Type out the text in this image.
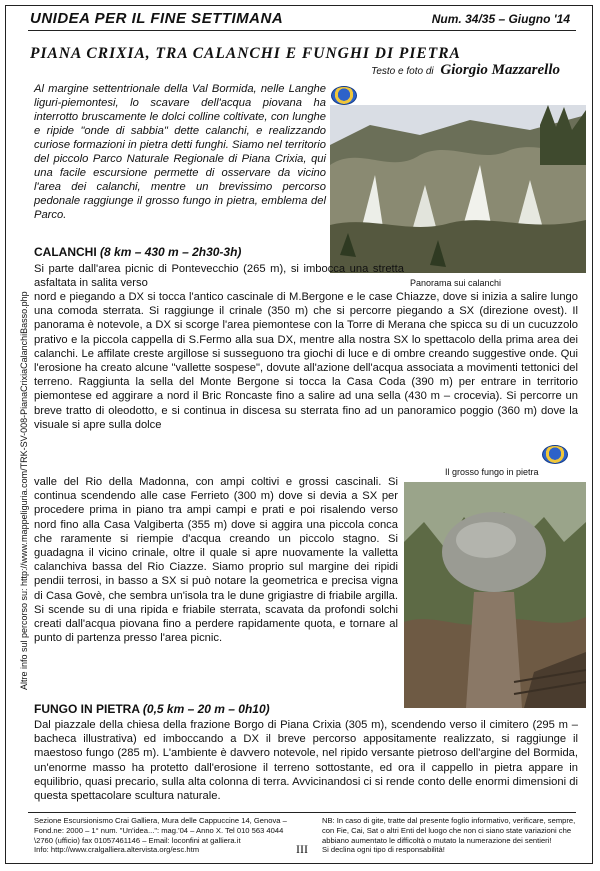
UNIDEA PER IL FINE SETTIMANA	Num. 34/35 – Giugno '14
PIANA CRIXIA, TRA CALANCHI E FUNGHI DI PIETRA
Testo e foto di Giorgio Mazzarello
Al margine settentrionale della Val Bormida, nelle Langhe liguri-piemontesi, lo scavare dell'acqua piovana ha interrotto bruscamente le dolci colline coltivate, con lunghe e ripide "onde di sabbia" dette calanchi, e realizzando curiose formazioni in pietra detti funghi. Siamo nel territorio del piccolo Parco Naturale Regionale di Piana Crixia, qui una facile escursione permette di osservare da vicino l'area dei calanchi, mentre un brevissimo percorso pedonale raggiunge il grosso fungo in pietra, emblema del Parco.
Panorama sui calanchi
CALANCHI (8 km – 430 m – 2h30-3h)
Si parte dall'area picnic di Pontevecchio (265 m), si imbocca una stretta asfaltata in salita verso
nord e piegando a DX si tocca l'antico cascinale di M.Bergone e le case Chiazze, dove si inizia a salire lungo una comoda sterrata. Si raggiunge il crinale (350 m) che si percorre piegando a SX (direzione ovest). Il panorama è notevole, a DX si scorge l'area piemontese con la Torre di Merana che spicca su di un cucuzzolo prativo e la piccola cappella di S.Fermo alla sua DX, mentre alla nostra SX lo spettacolo della prima area dei calanchi. Le affilate creste argillose si susseguono tra giochi di luce e di ombre creando suggestive onde. Qui l'erosione ha creato alcune "vallette sospese", dovute all'azione dell'acqua associata a movimenti tettonici del terreno. Raggiunta la sella del Monte Bergone si tocca la Casa Coda (390 m) per entrare in territorio piemontese ed aggirare a nord il Bric Roncaste fino a salire ad una sella (430 m – crocevia). Si percorre un breve tratto di oleodotto, e si continua in discesa su sterrata fino ad un panoramico poggio (360 m) dove la visuale si apre sulla dolce
Il grosso fungo in pietra
valle del Rio della Madonna, con ampi coltivi e grossi cascinali. Si continua scendendo alle case Ferrieto (300 m) dove si devia a SX per procedere prima in piano tra ampi campi e prati e poi risalendo verso nord fino alla Casa Valgiberta (355 m) dove si aggira una piccola conca che raramente si riempie d'acqua creando un piccolo stagno. Si guadagna il vicino crinale, oltre il quale si apre nuovamente la valletta calanchiva bassa del Rio Ciazze. Siamo proprio sul margine dei ripidi pendii terrosi, in basso a SX si può notare la geometrica e precisa vigna di Casa Govè, che sembra un'isola tra le dune grigiastre di friabile argilla. Si scende su di una ripida e friabile sterrata, scavata da profondi solchi creati dall'acqua piovana fino a perdere rapidamente quota, e tornare al punto di partenza presso l'area picnic.
FUNGO IN PIETRA (0,5 km – 20 m – 0h10)
Dal piazzale della chiesa della frazione Borgo di Piana Crixia (305 m), scendendo verso il cimitero (295 m – bacheca illustrativa) ed imboccando a DX il breve percorso appositamente realizzato, si raggiunge il maestoso fungo (285 m). L'ambiente è davvero notevole, nel ripido versante pietroso dell'argine del Bormida, un'enorme masso ha protetto dall'erosione il terreno sottostante, ed ora il cappello in pietra appare in equilibrio, quasi precario, sulla alta colonna di terra. Avvicinandosi ci si rende conto delle enormi dimensioni di questa spettacolare scultura naturale.
Altre info sul percorso su: http://www.mappeliguria.com/TRK-SV-008-PianaCrixiaCalanchiBasso.php
Sezione Escursionismo Crai Galliera, Mura delle Cappuccine 14, Genova –
Fond.ne: 2000 – 1° num. "Un'idea...": mag.'04 – Anno X. Tel 010 563 4044
\2760 (ufficio) fax 01057461146 – Email: loconfini at galliera.it
Info: http://www.cralgalliera.altervista.org/esc.htm	III
NB: In caso di gite, tratte dal presente foglio informativo, verificare, sempre, con Fie, Cai, Sat o altri Enti del luogo che non ci siano state variazioni che abbiano aumentato le difficoltà o mutato la numerazione dei sentieri!
Si declina ogni tipo di responsabilità!
